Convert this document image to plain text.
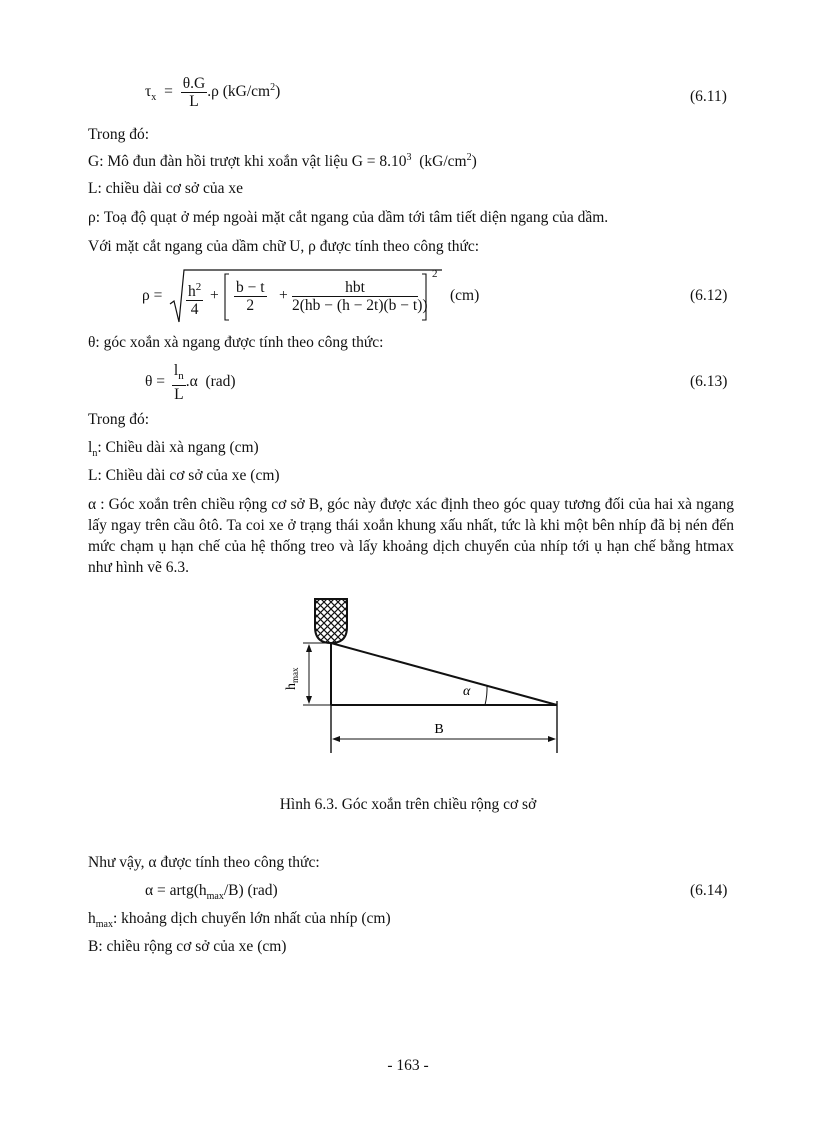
$\tau_x = \frac{\theta.G}{L} .\rho$ $(kG/cm^2)$	(6.11)
Trong đó:
G: Mô đun đàn hồi trượt khi xoắn vật liệu $G = 8.10^3$  $(kG/cm^2)$
L: chiều dài cơ sở của xe
ρ: Toạ độ quạt ở mép ngoài mặt cắt ngang của dầm tới tâm tiết diện ngang của dầm.
Với mặt cắt ngang của dầm chữ U, ρ được tính theo công thức:
$\rho = \frac{h^2}{4} + \frac{b - t}{2}$ +	hbt
2(hb − (h − 2t)(b − t))
2
(cm)	(6.12)
θ: góc xoắn xà ngang được tính theo công thức:
$\theta = \frac{l_n}{L} .\alpha$  (rad)	(6.13)
Trong đó:
$l_n$: Chiều dài xà ngang (cm)
L: Chiều dài cơ sở của xe (cm)
α : Góc xoắn trên chiều rộng cơ sở B, góc này được xác định theo góc quay tương đối của hai xà ngang lấy ngay trên cầu ôtô. Ta coi xe ở trạng thái xoắn khung xấu nhất, tức là khi một bên nhíp đã bị nén đến mức chạm ụ hạn chế của hệ thống treo và lấy khoảng dịch chuyển của nhíp tới ụ hạn chế bằng htmax như hình vẽ 6.3.
$h_{max}$
α
B
Hình 6.3. Góc xoắn trên chiều rộng cơ sở
Như vậy, α được tính theo công thức:
$\alpha = artg(h_{max}/B)$ (rad)	(6.14)
$h_{max}$: khoảng dịch chuyển lớn nhất của nhíp (cm)
B: chiều rộng cơ sở của xe (cm)
- 163 -
